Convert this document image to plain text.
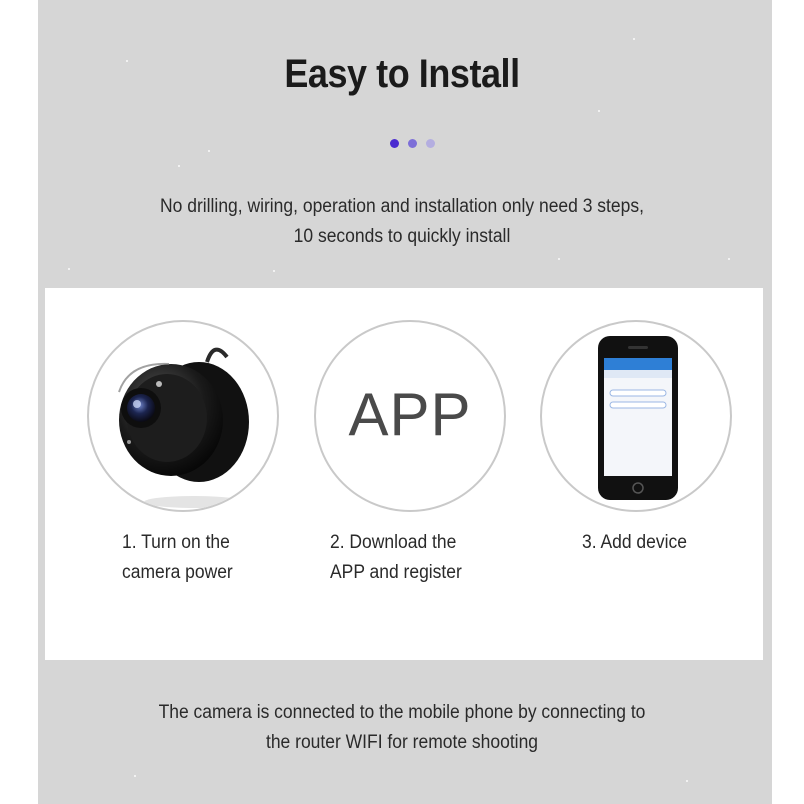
Easy to Install
No drilling, wiring, operation and installation only need 3 steps,
10 seconds to quickly install
APP
1. Turn on the
camera power
2. Download the
APP and register
3. Add device
The camera is connected to the mobile phone by connecting to
the router WIFI for remote shooting
